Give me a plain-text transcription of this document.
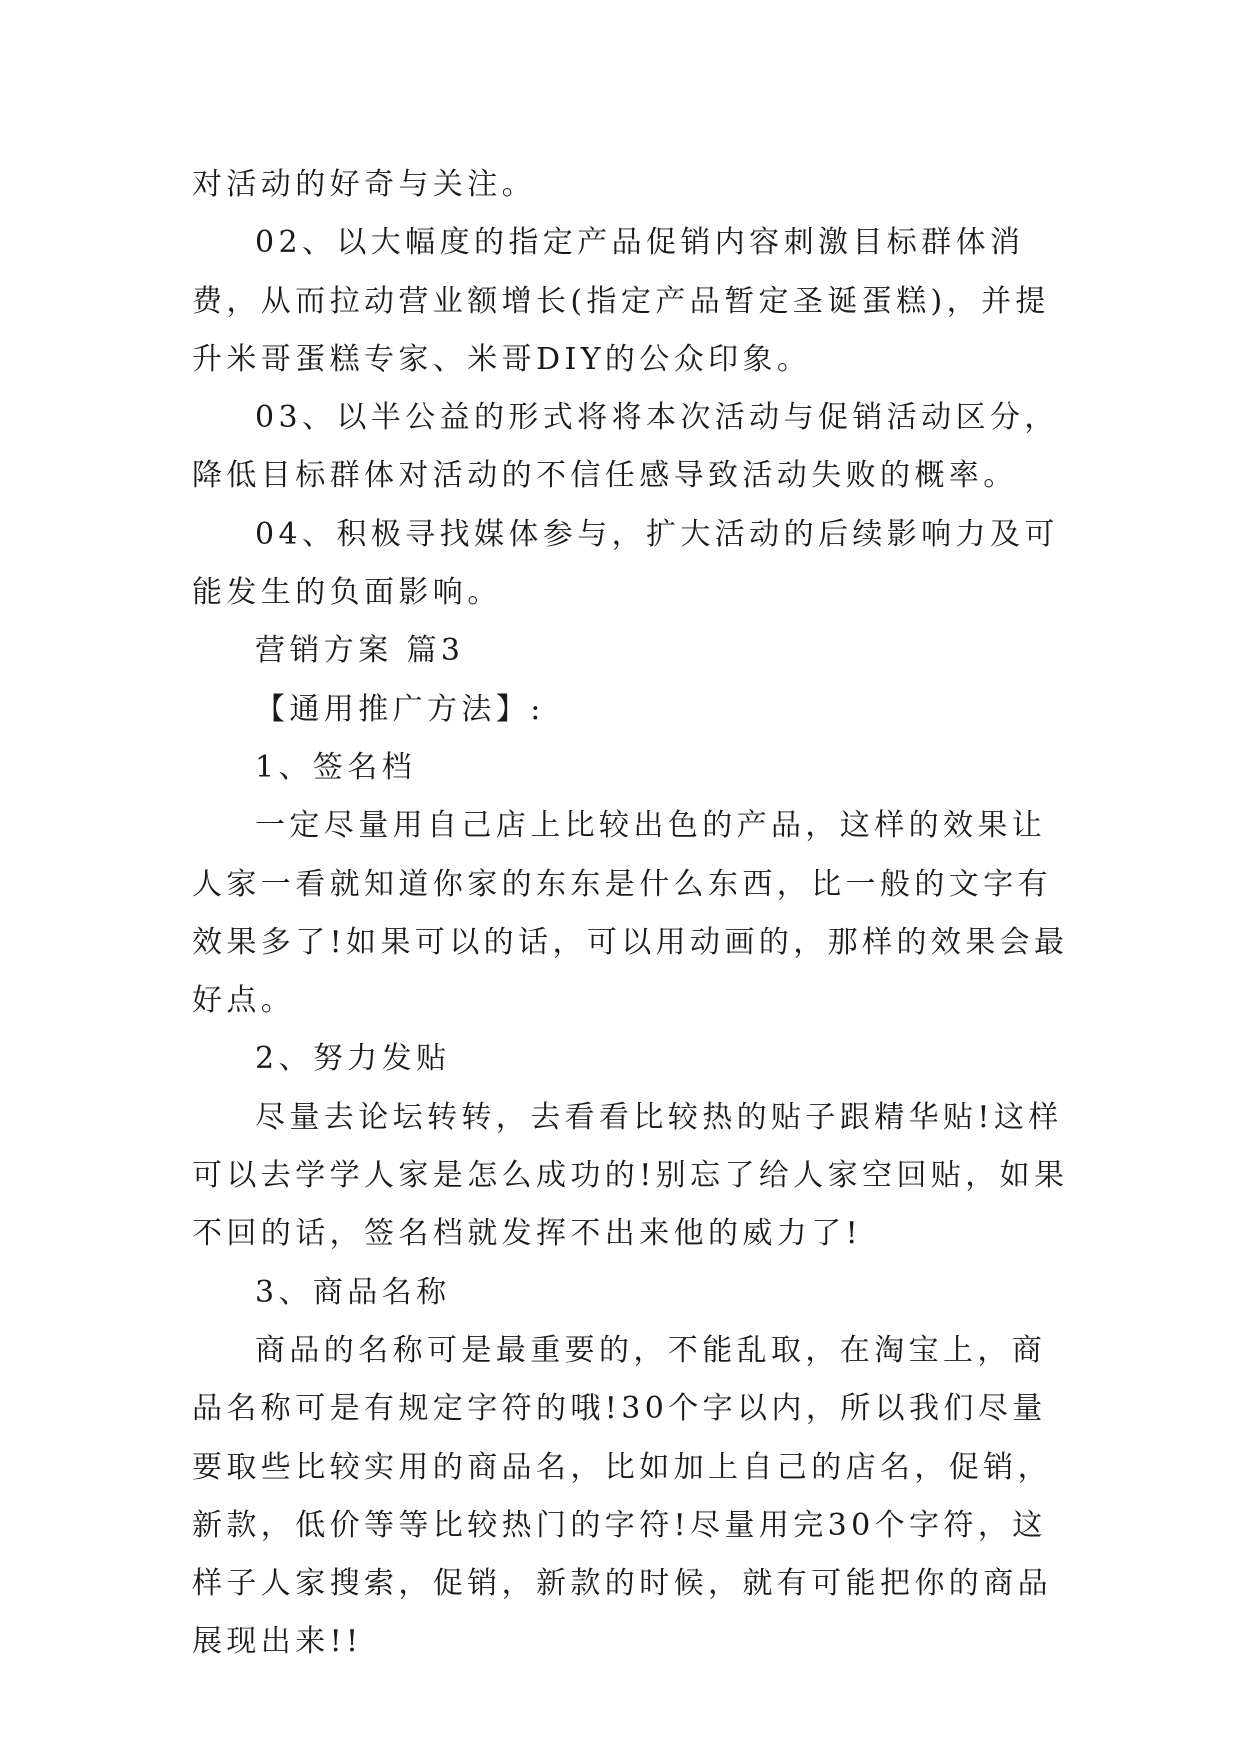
对活动的好奇与关注。

02、以大幅度的指定产品促销内容刺激目标群体消费，从而拉动营业额增长(指定产品暂定圣诞蛋糕)，并提升米哥蛋糕专家、米哥DIY的公众印象。

03、以半公益的形式将将本次活动与促销活动区分，降低目标群体对活动的不信任感导致活动失败的概率。

04、积极寻找媒体参与，扩大活动的后续影响力及可能发生的负面影响。

营销方案 篇3

【通用推广方法】:

1、签名档

一定尽量用自己店上比较出色的产品，这样的效果让人家一看就知道你家的东东是什么东西，比一般的文字有效果多了!如果可以的话，可以用动画的，那样的效果会最好点。

2、努力发贴

尽量去论坛转转，去看看比较热的贴子跟精华贴!这样可以去学学人家是怎么成功的!别忘了给人家空回贴，如果不回的话，签名档就发挥不出来他的威力了!

3、商品名称

商品的名称可是最重要的，不能乱取，在淘宝上，商品名称可是有规定字符的哦!30个字以内，所以我们尽量要取些比较实用的商品名，比如加上自己的店名，促销，新款，低价等等比较热门的字符!尽量用完30个字符，这样子人家搜索，促销，新款的时候，就有可能把你的商品展现出来!!
